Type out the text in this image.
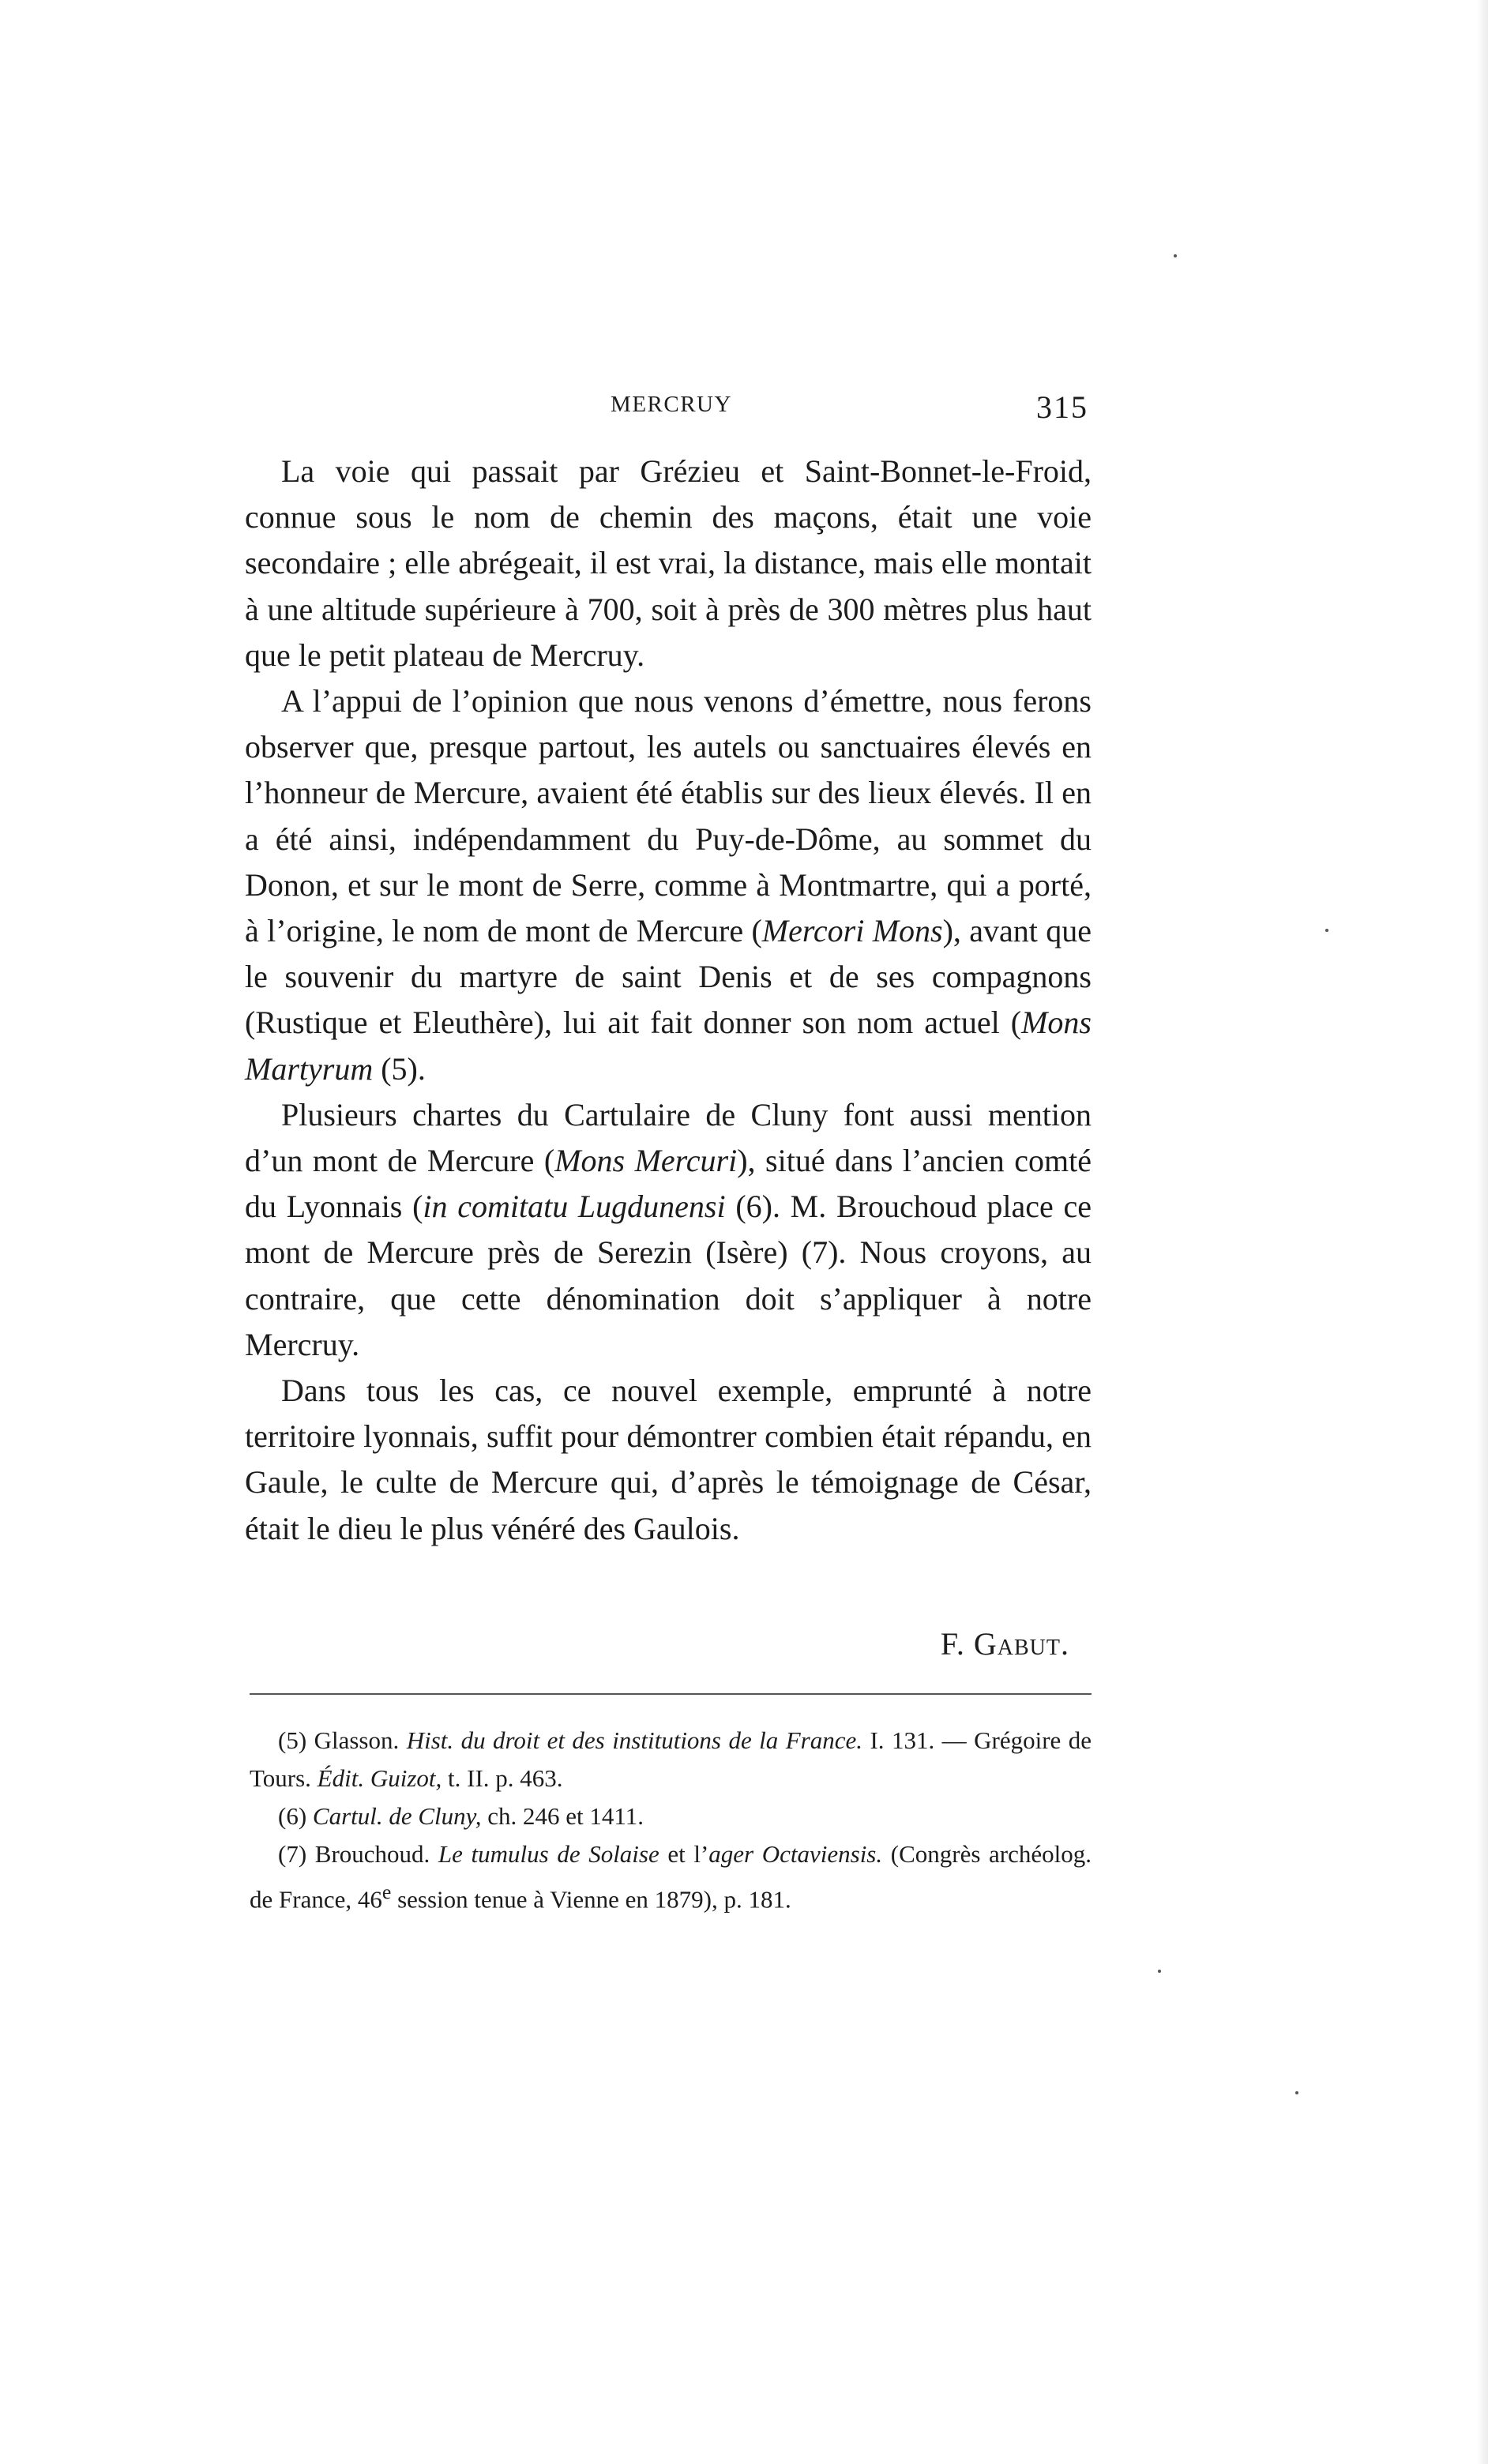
MERCRUY	315

La voie qui passait par Grézieu et Saint-Bonnet-le-Froid, connue sous le nom de chemin des maçons, était une voie secondaire ; elle abrégeait, il est vrai, la distance, mais elle montait à une altitude supérieure à 700, soit à près de 300 mètres plus haut que le petit plateau de Mercruy.

A l’appui de l’opinion que nous venons d’émettre, nous ferons observer que, presque partout, les autels ou sanctuaires élevés en l’honneur de Mercure, avaient été établis sur des lieux élevés. Il en a été ainsi, indépendamment du Puy-de-Dôme, au sommet du Donon, et sur le mont de Serre, comme à Montmartre, qui a porté, à l’origine, le nom de mont de Mercure (Mercori Mons), avant que le souvenir du martyre de saint Denis et de ses compagnons (Rustique et Eleuthère), lui ait fait donner son nom actuel (Mons Martyrum (5).

Plusieurs chartes du Cartulaire de Cluny font aussi mention d’un mont de Mercure (Mons Mercuri), situé dans l’ancien comté du Lyonnais (in comitatu Lugdunensi (6). M. Brouchoud place ce mont de Mercure près de Serezin (Isère) (7). Nous croyons, au contraire, que cette dénomination doit s’appliquer à notre Mercruy.

Dans tous les cas, ce nouvel exemple, emprunté à notre territoire lyonnais, suffit pour démontrer combien était répandu, en Gaule, le culte de Mercure qui, d’après le témoignage de César, était le dieu le plus vénéré des Gaulois.

F. Gabut.

(5) Glasson. Hist. du droit et des institutions de la France. I. 131. — Grégoire de Tours. Édit. Guizot, t. II. p. 463.

(6) Cartul. de Cluny, ch. 246 et 1411.

(7) Brouchoud. Le tumulus de Solaise et l’ager Octaviensis. (Congrès archéolog. de France, 46e session tenue à Vienne en 1879), p. 181.
